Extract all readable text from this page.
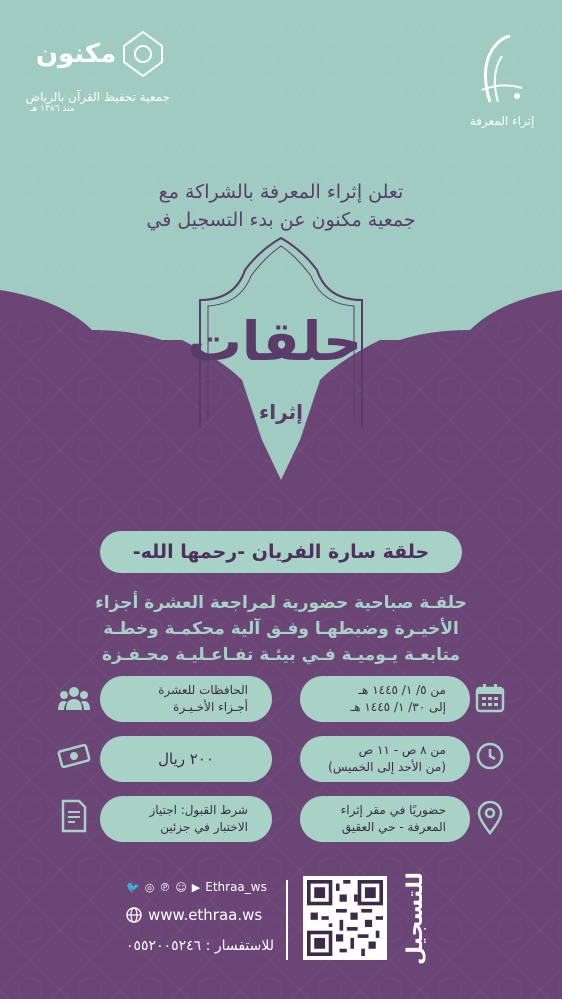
إثراء المعرفة
مكنون
جمعية تحفيظ القرآن بالرياض
منذ ١٣٨٦ هـ
تعلن إثراء المعرفة بالشراكة مع
جمعية مكنون عن بدء التسجيل في
حلقات
إثراء
حلقة سارة الفريان -رحمها الله-
حلقـة صباحية حضورية لمراجعة العشرة أجزاء
الأخيـرة وضبطهـا وفـق آلية محكمـة وخطـة
متابعـة يـوميـة فـي بيئـة تفـاعـليـة محـفـزة
الحافظات للعشرة
أجـزاء الأخـيـرة
من ٥/ ١/ ١٤٤٥ هـ
إلى ٣٠/ ١/ ١٤٤٥ هـ
٢٠٠ ريال	من ٨ ص - ١١ ص
(من الأحد إلى الخميس)
شرط القبول: اجتياز
الاختبار في جزئين
حضوريًا في مقر إثراء
المعرفة - حي العقيق
🐦 ◎ ℗ ☺ ▶ Ethraa_ws
www.ethraa.ws
للاستفسار : ٠٥٥٢٠٠٥٢٤٦	للتسجيل
